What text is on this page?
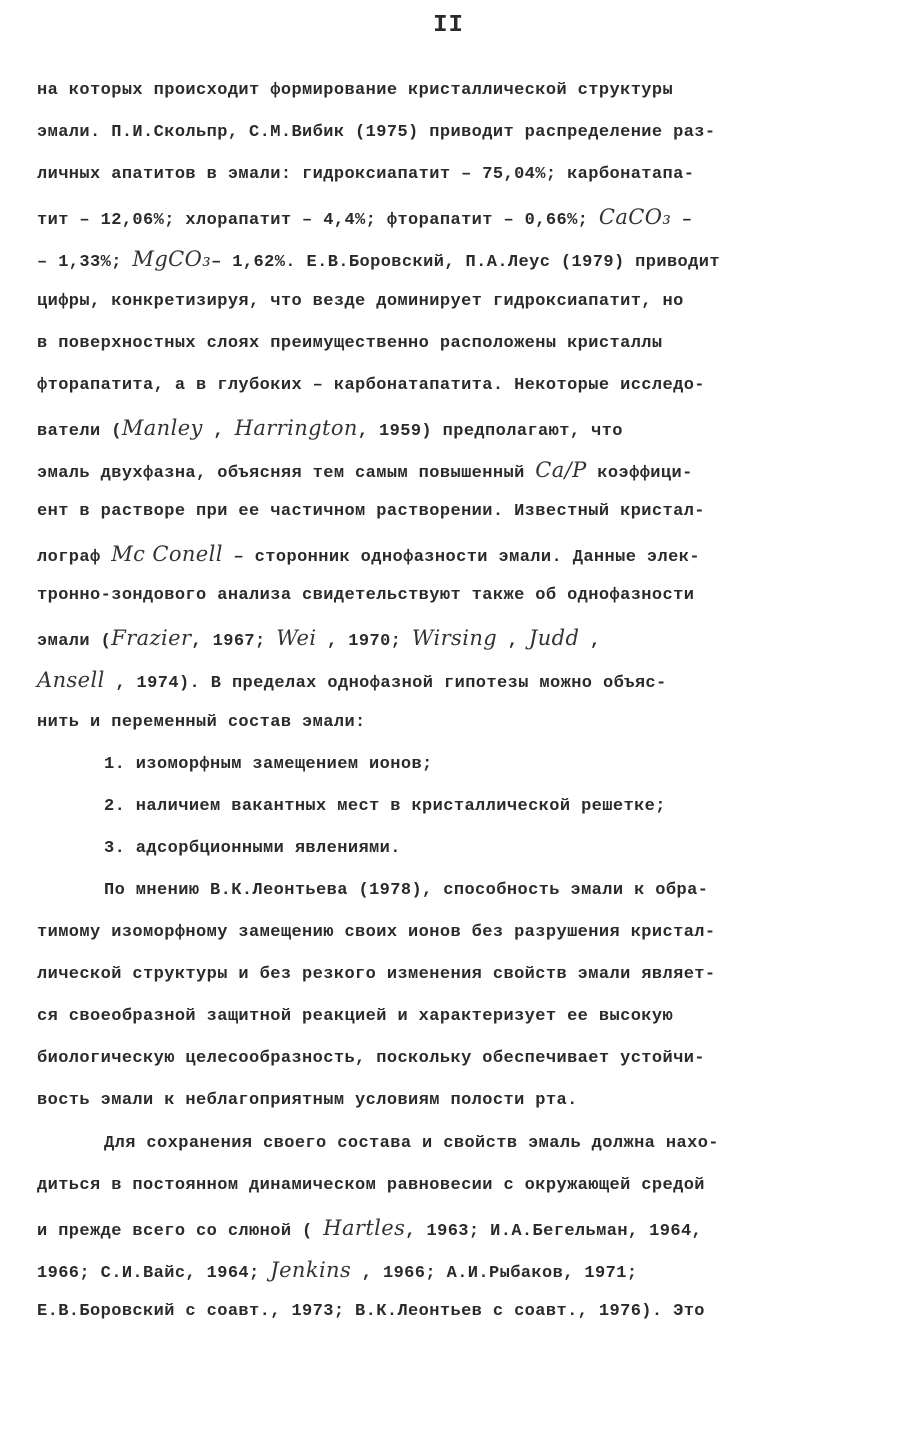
II
на которых происходит формирование кристаллической структуры
эмали. П.И.Скольпр, С.М.Вибик (1975) приводит распределение раз-
личных апатитов в эмали: гидроксиапатит – 75,04%; карбонатапа-
тит – 12,06%; хлорапатит – 4,4%; фторапатит – 0,66%; CaCO₃ –
– 1,33%; MgCO₃– 1,62%. Е.В.Боровский, П.А.Леус (1979) приводит
цифры, конкретизируя, что везде доминирует гидроксиапатит, но
в поверхностных слоях преимущественно расположены кристаллы
фторапатита, а в глубоких – карбонатапатита. Некоторые исследо-
ватели (Manley , Harrington, 1959) предполагают, что
эмаль двухфазна, объясняя тем самым повышенный Ca/P коэффици-
ент в растворе при ее частичном растворении. Известный кристал-
лограф Mc Conell – сторонник однофазности эмали. Данные элек-
тронно-зондового анализа свидетельствуют также об однофазности
эмали (Frazier, 1967; Wei , 1970; Wirsing , Judd ,
Ansell , 1974). В пределах однофазной гипотезы можно объяс-
нить и переменный состав эмали:
1. изоморфным замещением ионов;
2. наличием вакантных мест в кристаллической решетке;
3. адсорбционными явлениями.
По мнению В.К.Леонтьева (1978), способность эмали к обра-
тимому изоморфному замещению своих ионов без разрушения кристал-
лической структуры и без резкого изменения свойств эмали являет-
ся своеобразной защитной реакцией и характеризует ее высокую
биологическую целесообразность, поскольку обеспечивает устойчи-
вость эмали к неблагоприятным условиям полости рта.
Для сохранения своего состава и свойств эмаль должна нахо-
диться в постоянном динамическом равновесии с окружающей средой
и прежде всего со слюной ( Hartles, 1963; И.А.Бегельман, 1964,
1966; С.И.Вайс, 1964; Jenkins , 1966; А.И.Рыбаков, 1971;
Е.В.Боровский с соавт., 1973; В.К.Леонтьев с соавт., 1976). Это
